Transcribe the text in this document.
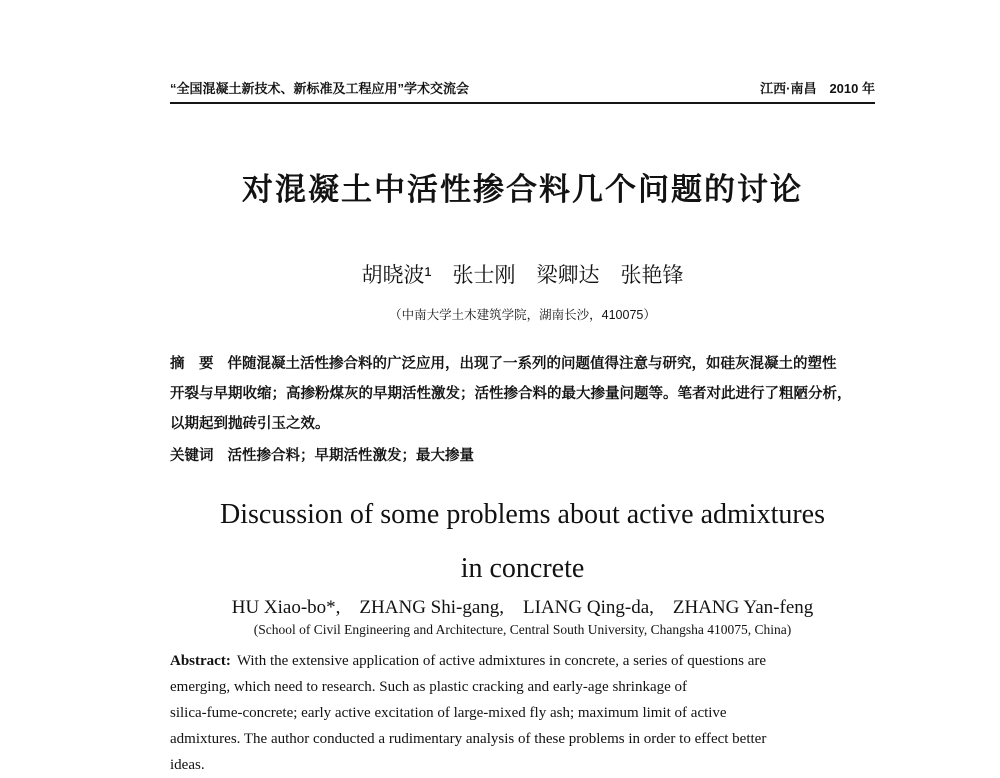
“全国混凝土新技术、新标准及工程应用”学术交流会	江西·南昌　2010 年
对混凝土中活性掺合料几个问题的讨论
胡晓波¹　张士刚　梁卿达　张艳锋
（中南大学土木建筑学院，湖南长沙，410075）
摘　要 伴随混凝土活性掺合料的广泛应用，出现了一系列的问题值得注意与研究，如硅灰混凝土的塑性
开裂与早期收缩；高掺粉煤灰的早期活性激发；活性掺合料的最大掺量问题等。笔者对此进行了粗陋分析，
以期起到抛砖引玉之效。
关键词 活性掺合料；早期活性激发；最大掺量
Discussion of some problems about active admixtures
in concrete
HU Xiao-bo*,    ZHANG Shi-gang,    LIANG Qing-da,    ZHANG Yan-feng
(School of Civil Engineering and Architecture, Central South University, Changsha 410075, China)
Abstract: With the extensive application of active admixtures in concrete, a series of questions are
emerging, which need to research. Such as plastic cracking and early-age shrinkage of
silica-fume-concrete; early active excitation of large-mixed fly ash; maximum limit of active
admixtures. The author conducted a rudimentary analysis of these problems in order to effect better
ideas.
